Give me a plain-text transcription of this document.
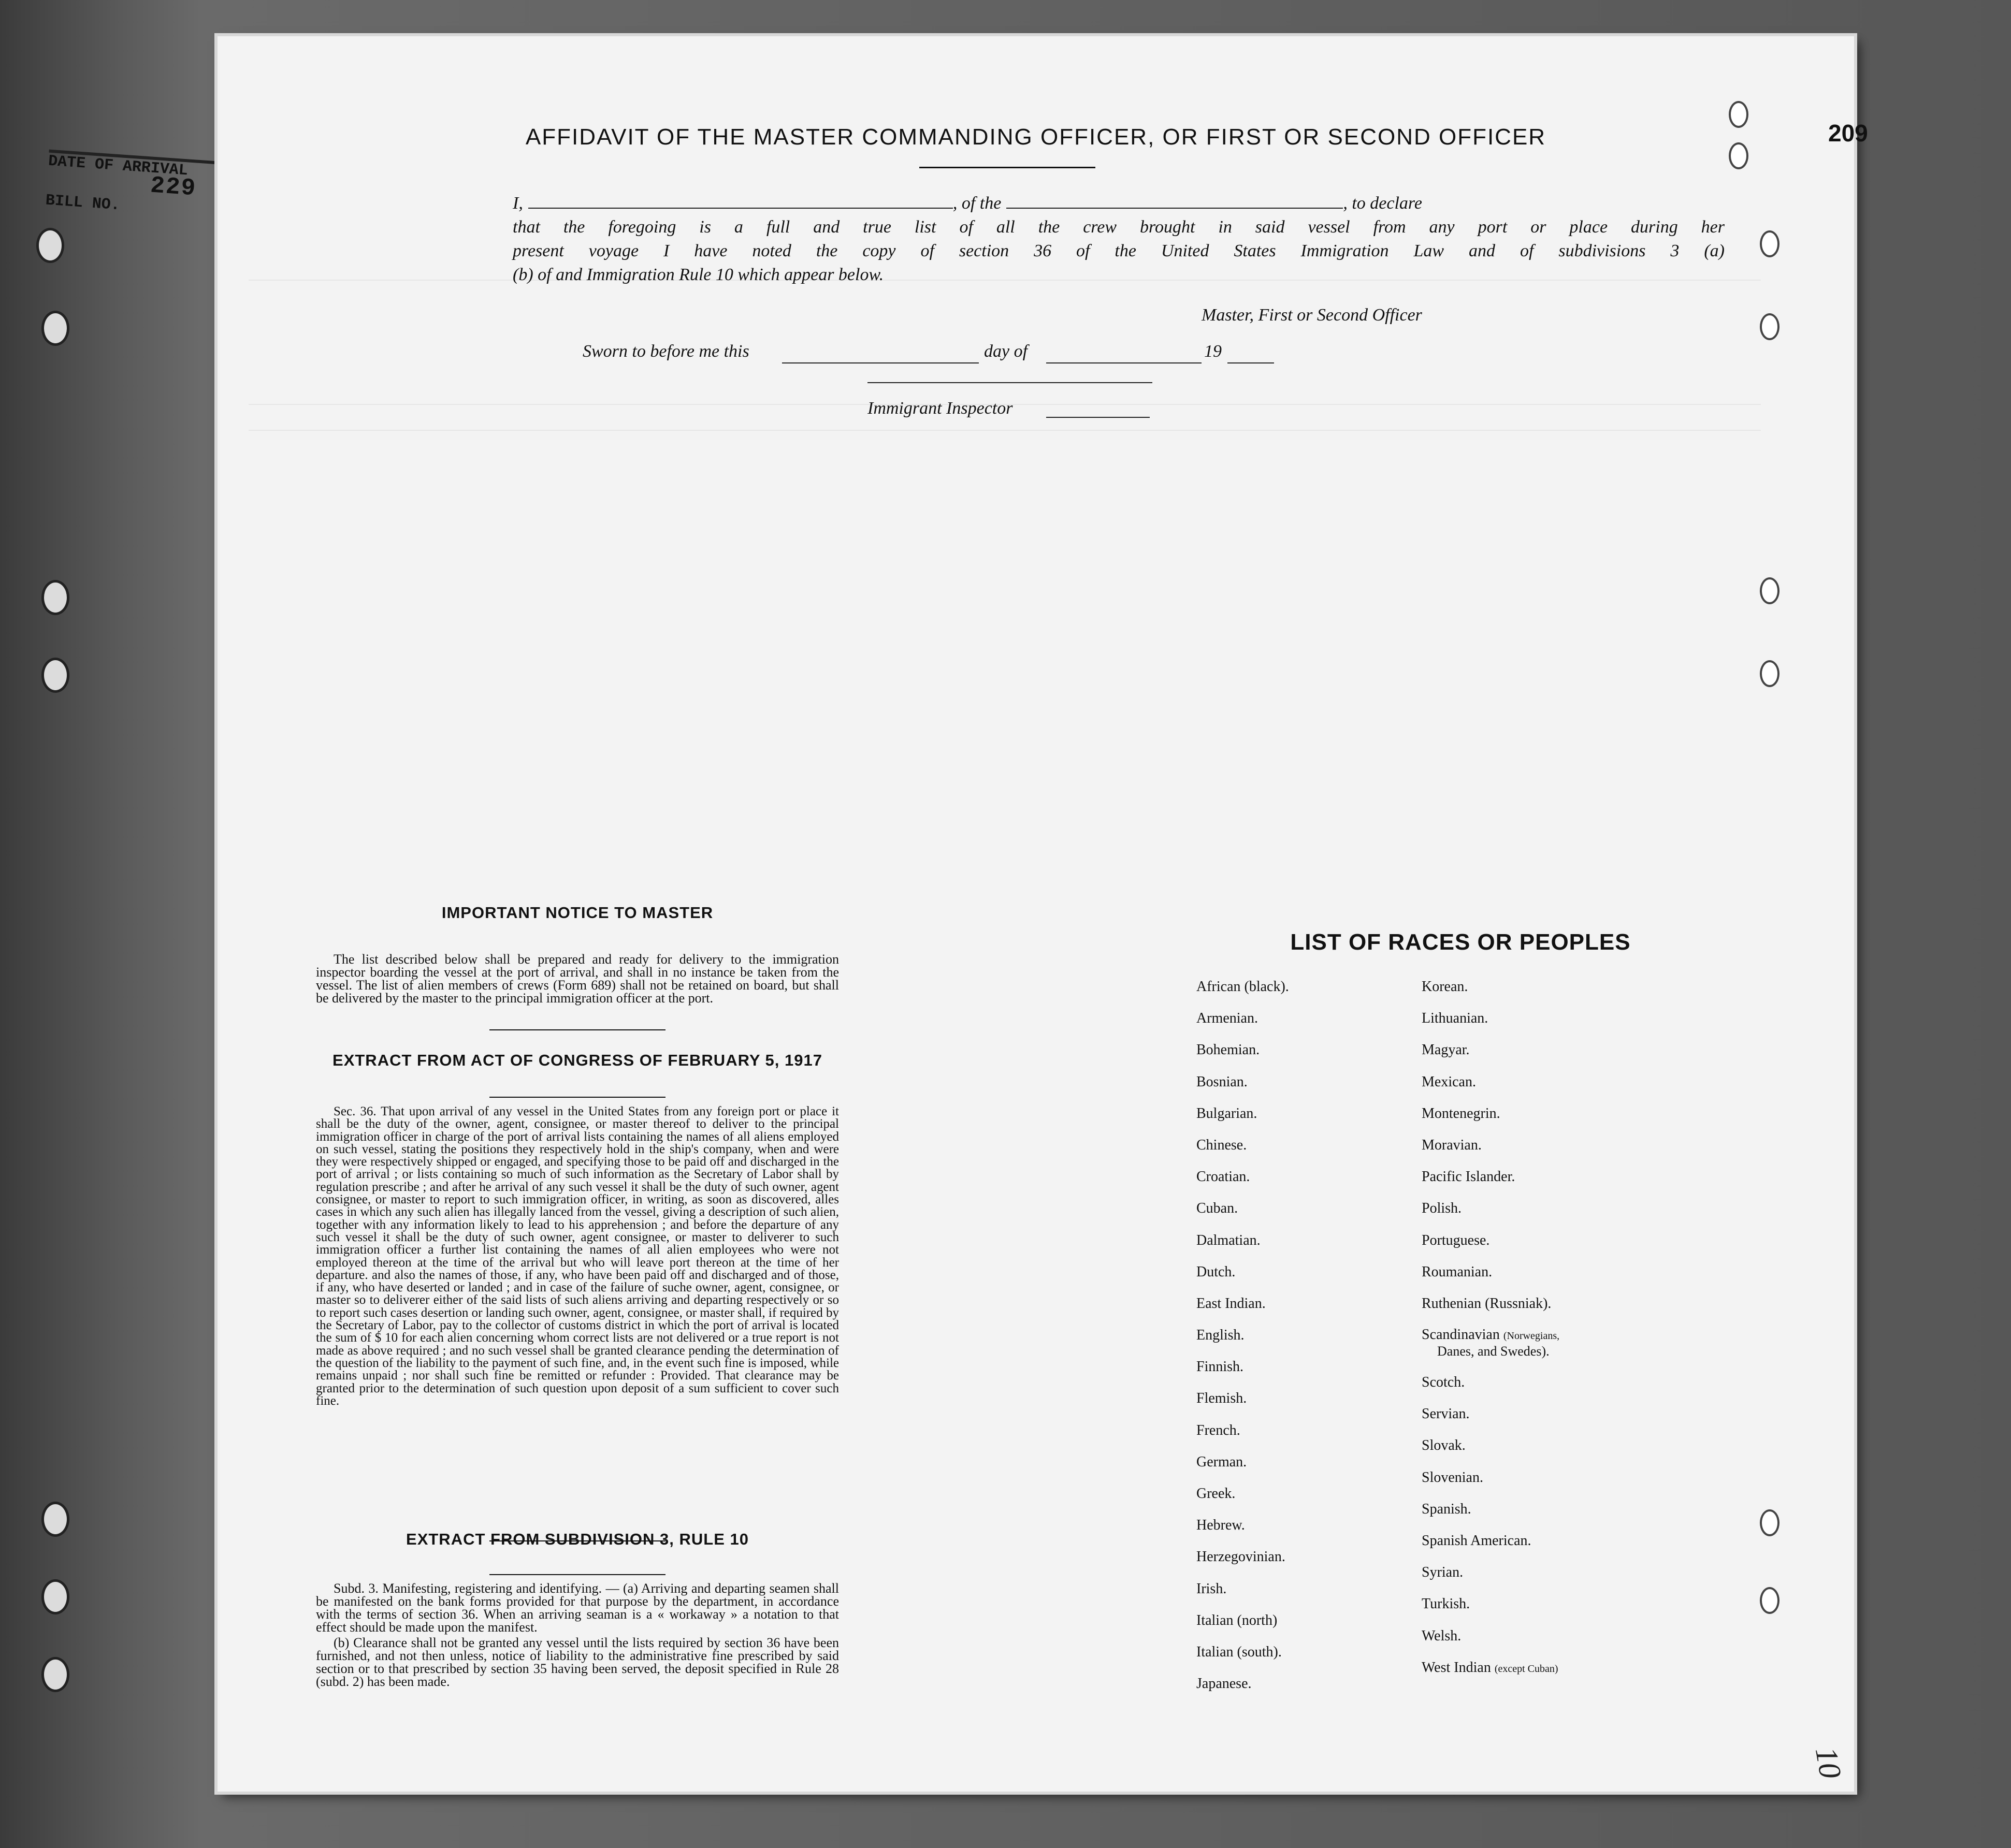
DATE OF ARRIVAL
229
BILL NO.
209
AFFIDAVIT OF THE MASTER COMMANDING OFFICER, OR FIRST OR SECOND OFFICER
I,	, of the	, to declare
that the foregoing is a full and true list of all the crew brought in said vessel from any port or place during her
present voyage I have noted the copy of section 36 of the United States Immigration Law and of subdivisions 3 (a)
(b) of and Immigration Rule 10 which appear below.
Master, First or Second Officer
Sworn to before me this	day of	19
Immigrant Inspector
IMPORTANT NOTICE TO MASTER
The list described below shall be prepared and ready for delivery to the immigration inspector boarding the vessel at the port of arrival, and shall in no instance be taken from the vessel. The list of alien members of crews (Form 689) shall not be retained on board, but shall be delivered by the master to the principal immigration officer at the port.
EXTRACT FROM ACT OF CONGRESS OF FEBRUARY 5, 1917
Sec. 36. That upon arrival of any vessel in the United States from any foreign port or place it shall be the duty of the owner, agent, consignee, or master thereof to deliver to the principal immigration officer in charge of the port of arrival lists containing the names of all aliens employed on such vessel, stating the positions they respectively hold in the ship's company, when and were they were respectively shipped or engaged, and specifying those to be paid off and discharged in the port of arrival ; or lists containing so much of such information as the Secretary of Labor shall by regulation prescribe ; and after he arrival of any such vessel it shall be the duty of such owner, agent consignee, or master to report to such immigration officer, in writing, as soon as discovered, alles cases in which any such alien has illegally lanced from the vessel, giving a description of such alien, together with any information likely to lead to his apprehension ; and before the departure of any such vessel it shall be the duty of such owner, agent consignee, or master to deliverer to such immigration officer a further list containing the names of all alien employees who were not employed thereon at the time of the arrival but who will leave port thereon at the time of her departure. and also the names of those, if any, who have been paid off and discharged and of those, if any, who have deserted or landed ; and in case of the failure of suche owner, agent, consignee, or master so to deliverer either of the said lists of such aliens arriving and departing respectively or so to report such cases desertion or landing such owner, agent, consignee, or master shall, if required by the Secretary of Labor, pay to the collector of customs district in which the port of arrival is located the sum of $ 10 for each alien concerning whom correct lists are not delivered or a true report is not made as above required ; and no such vessel shall be granted clearance pending the determination of the question of the liability to the payment of such fine, and, in the event such fine is imposed, while remains unpaid ; nor shall such fine be remitted or refunder : Provided. That clearance may be granted prior to the determination of such question upon deposit of a sum sufficient to cover such fine.
EXTRACT FROM SUBDIVISION 3, RULE 10
Subd. 3. Manifesting, registering and identifying. — (a) Arriving and departing seamen shall be manifested on the bank forms provided for that purpose by the department, in accordance with the terms of section 36. When an arriving seaman is a « workaway » a notation to that effect should be made upon the manifest.
(b) Clearance shall not be granted any vessel until the lists required by section 36 have been furnished, and not then unless, notice of liability to the administrative fine prescribed by said section or to that prescribed by section 35 having been served, the deposit specified in Rule 28 (subd. 2) has been made.
LIST OF RACES OR PEOPLES
African (black).
Armenian.
Bohemian.
Bosnian.
Bulgarian.
Chinese.
Croatian.
Cuban.
Dalmatian.
Dutch.
East Indian.
English.
Finnish.
Flemish.
French.
German.
Greek.
Hebrew.
Herzegovinian.
Irish.
Italian (north)
Italian (south).
Japanese.
Korean.
Lithuanian.
Magyar.
Mexican.
Montenegrin.
Moravian.
Pacific Islander.
Polish.
Portuguese.
Roumanian.
Ruthenian (Russniak).
Scandinavian (Norwegians,
Danes, and Swedes).
Scotch.
Servian.
Slovak.
Slovenian.
Spanish.
Spanish American.
Syrian.
Turkish.
Welsh.
West Indian (except Cuban)
10
